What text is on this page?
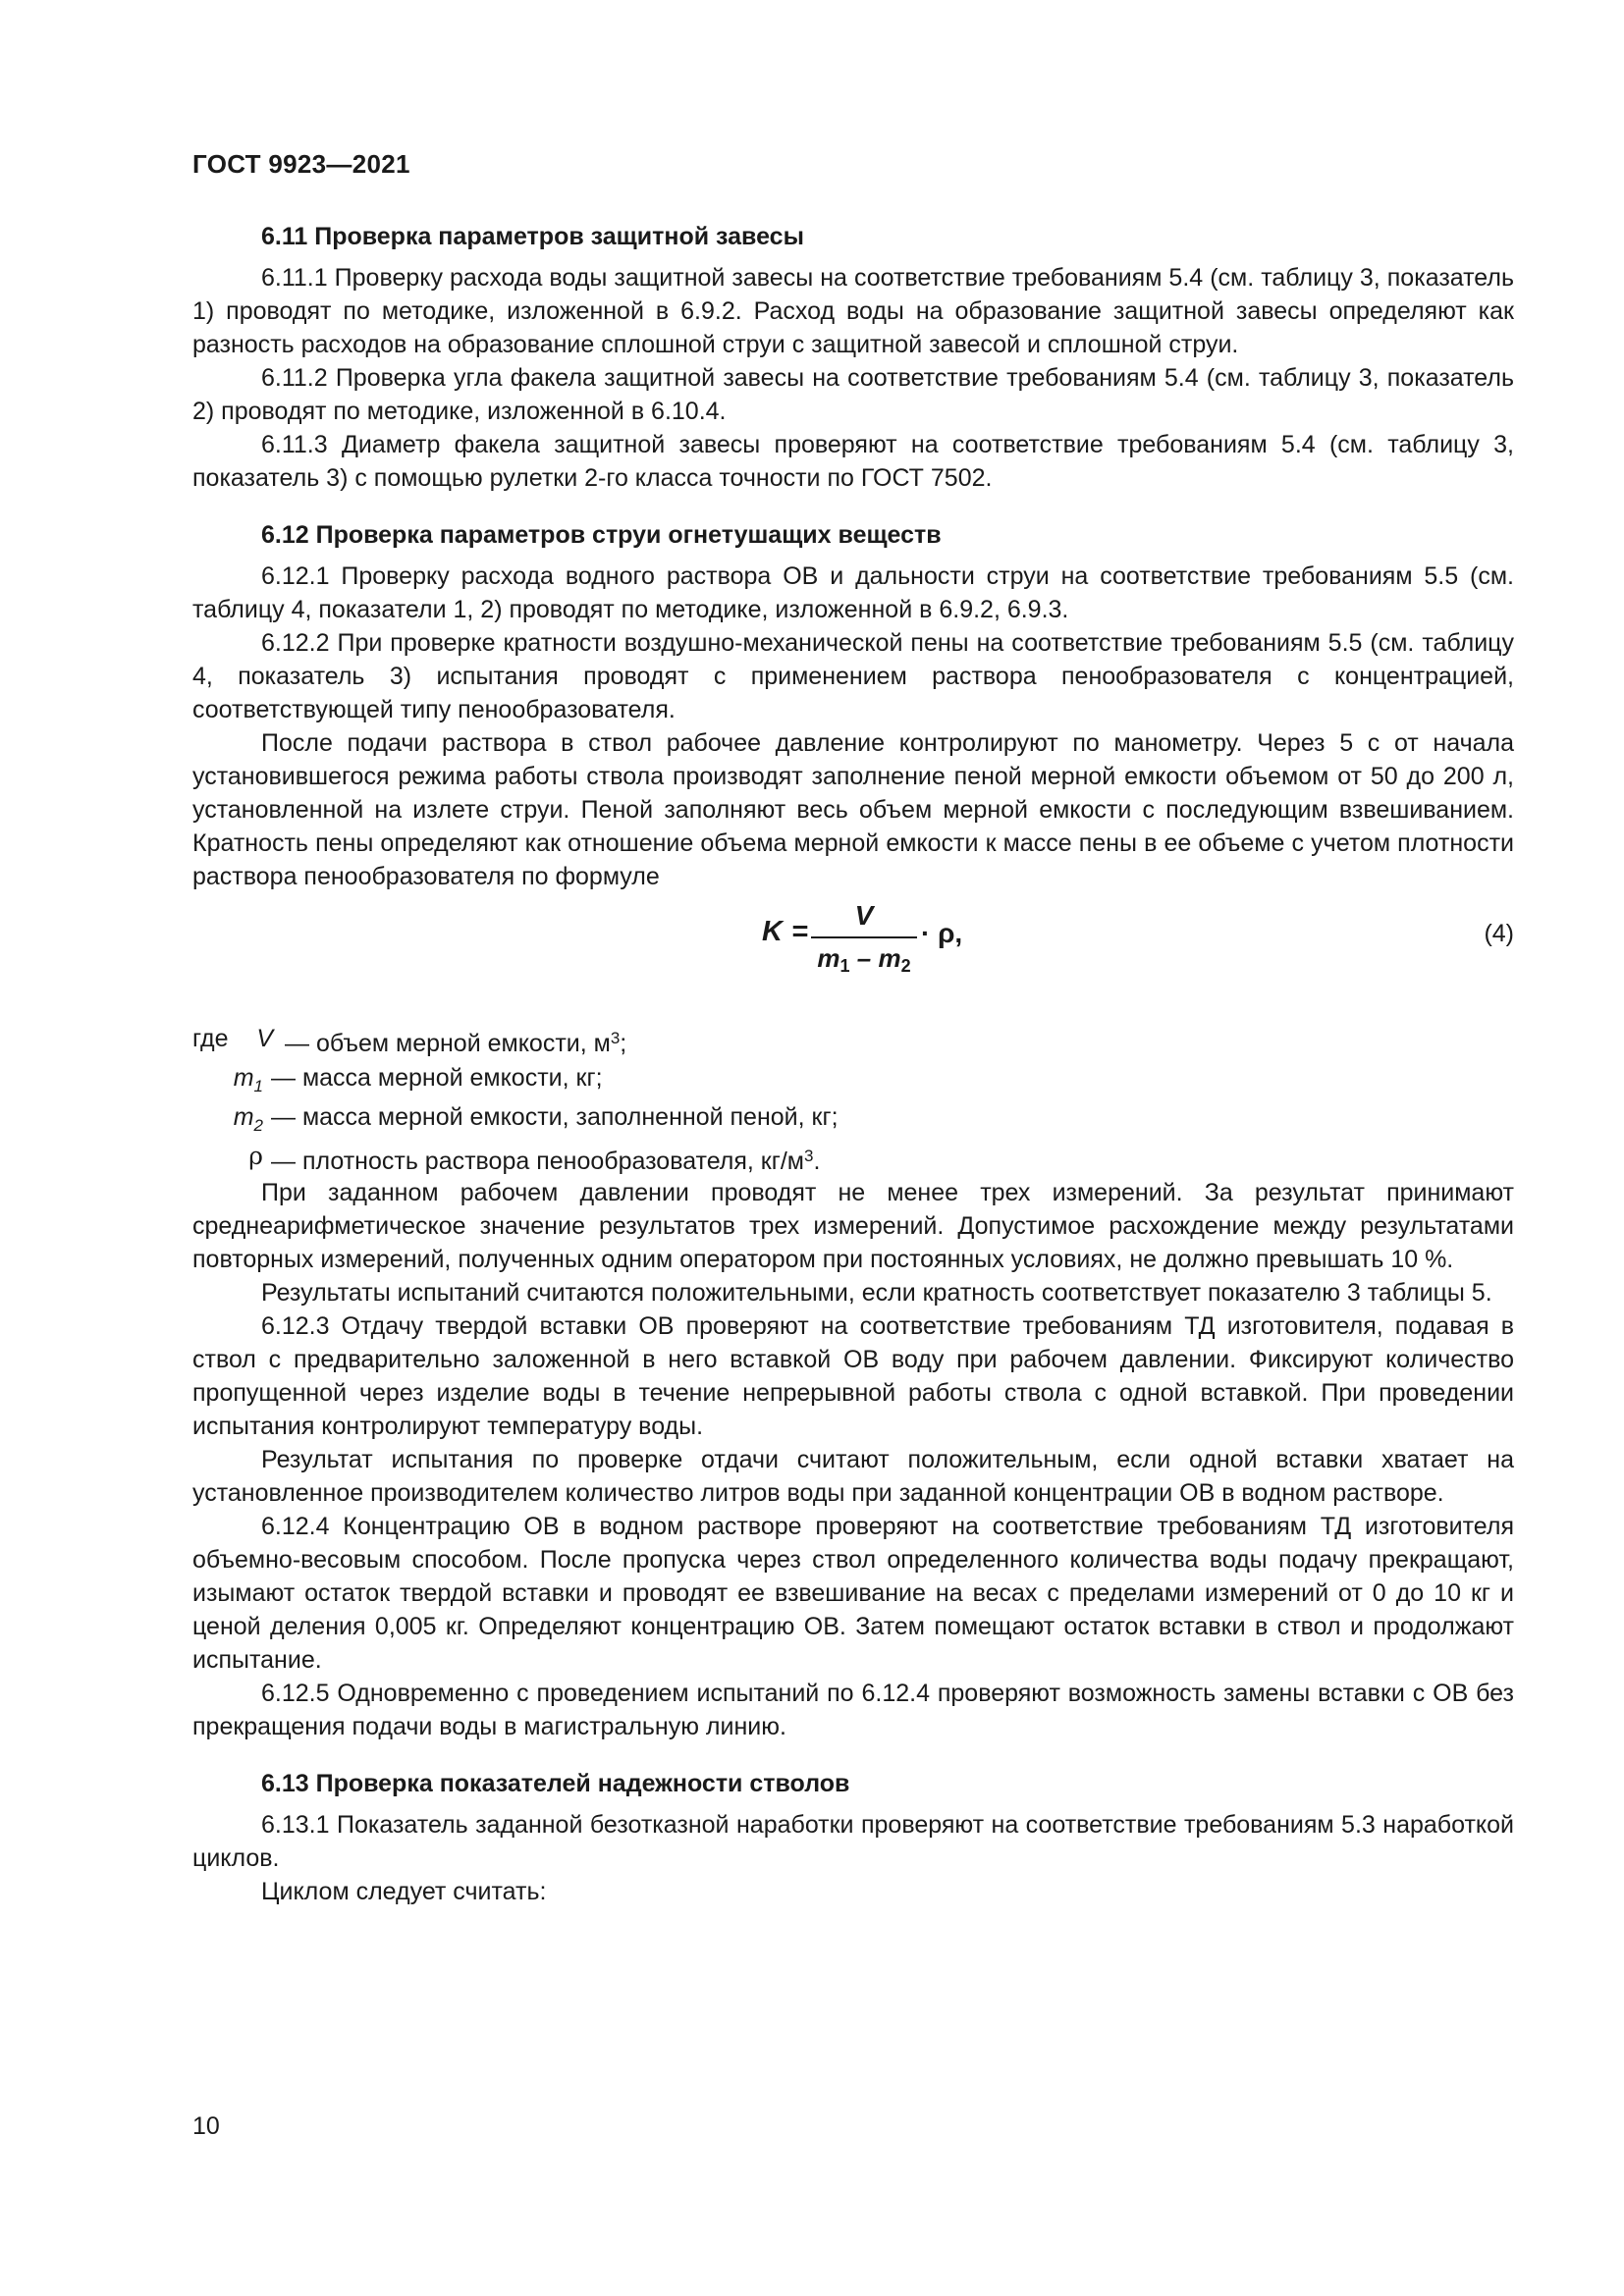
ГОСТ 9923—2021
6.11 Проверка параметров защитной завесы

6.11.1 Проверку расхода воды защитной завесы на соответствие требованиям 5.4 (см. таблицу 3, показатель 1) проводят по методике, изложенной в 6.9.2. Расход воды на образование защитной завесы определяют как разность расходов на образование сплошной струи с защитной завесой и сплошной струи.

6.11.2 Проверка угла факела защитной завесы на соответствие требованиям 5.4 (см. таблицу 3, показатель 2) проводят по методике, изложенной в 6.10.4.

6.11.3 Диаметр факела защитной завесы проверяют на соответствие требованиям 5.4 (см. таблицу 3, показатель 3) с помощью рулетки 2-го класса точности по ГОСТ 7502.

6.12 Проверка параметров струи огнетушащих веществ

6.12.1 Проверку расхода водного раствора ОВ и дальности струи на соответствие требованиям 5.5 (см. таблицу 4, показатели 1, 2) проводят по методике, изложенной в 6.9.2, 6.9.3.

6.12.2 При проверке кратности воздушно-механической пены на соответствие требованиям 5.5 (см. таблицу 4, показатель 3) испытания проводят с применением раствора пенообразователя с концентрацией, соответствующей типу пенообразователя.

После подачи раствора в ствол рабочее давление контролируют по манометру. Через 5 с от начала установившегося режима работы ствола производят заполнение пеной мерной емкости объемом от 50 до 200 л, установленной на излете струи. Пеной заполняют весь объем мерной емкости с последующим взвешиванием. Кратность пены определяют как отношение объема мерной емкости к массе пены в ее объеме с учетом плотности раствора пенообразователя по формуле

K =
V
$m_1 - m_2$
· ρ,	(4)
где	V — объем мерной емкости, $м^3$;
$m_1$ — масса мерной емкости, кг;
$m_2$ — масса мерной емкости, заполненной пеной, кг;
ρ — плотность раствора пенообразователя, $кг/м^3$.

При заданном рабочем давлении проводят не менее трех измерений. За результат принимают среднеарифметическое значение результатов трех измерений. Допустимое расхождение между результатами повторных измерений, полученных одним оператором при постоянных условиях, не должно превышать 10 %.

Результаты испытаний считаются положительными, если кратность соответствует показателю 3 таблицы 5.

6.12.3 Отдачу твердой вставки ОВ проверяют на соответствие требованиям ТД изготовителя, подавая в ствол с предварительно заложенной в него вставкой ОВ воду при рабочем давлении. Фиксируют количество пропущенной через изделие воды в течение непрерывной работы ствола с одной вставкой. При проведении испытания контролируют температуру воды.

Результат испытания по проверке отдачи считают положительным, если одной вставки хватает на установленное производителем количество литров воды при заданной концентрации ОВ в водном растворе.

6.12.4 Концентрацию ОВ в водном растворе проверяют на соответствие требованиям ТД изготовителя объемно-весовым способом. После пропуска через ствол определенного количества воды подачу прекращают, изымают остаток твердой вставки и проводят ее взвешивание на весах с пределами измерений от 0 до 10 кг и ценой деления 0,005 кг. Определяют концентрацию ОВ. Затем помещают остаток вставки в ствол и продолжают испытание.

6.12.5 Одновременно с проведением испытаний по 6.12.4 проверяют возможность замены вставки с ОВ без прекращения подачи воды в магистральную линию.

6.13 Проверка показателей надежности стволов

6.13.1 Показатель заданной безотказной наработки проверяют на соответствие требованиям 5.3 наработкой циклов.

Циклом следует считать:

10
